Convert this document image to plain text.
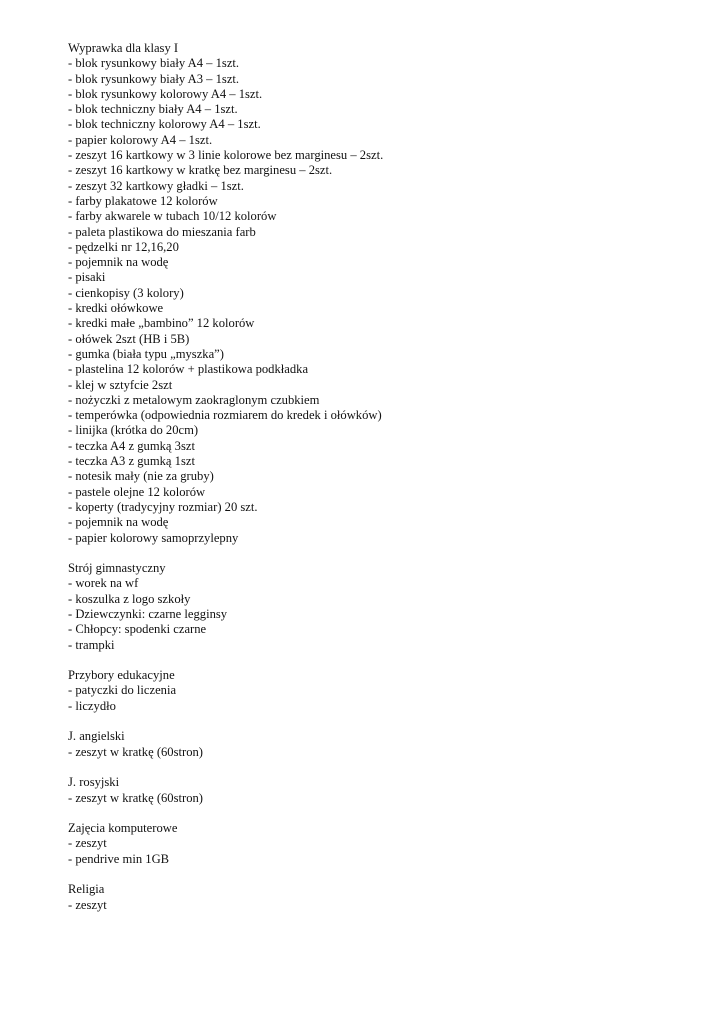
Wyprawka dla klasy I
- blok rysunkowy biały A4 – 1szt.
- blok rysunkowy biały A3 – 1szt.
- blok rysunkowy kolorowy A4 – 1szt.
- blok techniczny biały A4 – 1szt.
- blok techniczny kolorowy A4 – 1szt.
- papier kolorowy A4 – 1szt.
- zeszyt 16 kartkowy w 3 linie kolorowe bez marginesu – 2szt.
- zeszyt 16 kartkowy w kratkę bez marginesu – 2szt.
- zeszyt 32 kartkowy gładki – 1szt.
- farby plakatowe 12 kolorów
- farby akwarele w tubach 10/12 kolorów
- paleta plastikowa do mieszania farb
- pędzelki nr 12,16,20
- pojemnik na wodę
- pisaki
- cienkopisy (3 kolory)
- kredki ołówkowe
- kredki małe „bambino” 12 kolorów
- ołówek 2szt (HB i 5B)
- gumka (biała typu „myszka”)
- plastelina 12 kolorów + plastikowa podkładka
- klej w sztyfcie 2szt
- nożyczki z metalowym zaokraglonym czubkiem
- temperówka (odpowiednia rozmiarem do kredek i ołówków)
- linijka (krótka do 20cm)
- teczka A4 z gumką 3szt
- teczka A3 z gumką 1szt
- notesik mały (nie za gruby)
- pastele olejne 12 kolorów
- koperty (tradycyjny rozmiar) 20 szt.
- pojemnik na wodę
- papier kolorowy samoprzylepny
Strój gimnastyczny
- worek na wf
- koszulka z logo szkoły
- Dziewczynki: czarne legginsy
- Chłopcy: spodenki czarne
- trampki
Przybory edukacyjne
- patyczki do liczenia
- liczydło
J. angielski
- zeszyt w kratkę (60stron)
J. rosyjski
- zeszyt w kratkę (60stron)
Zajęcia komputerowe
- zeszyt
- pendrive min 1GB
Religia
- zeszyt
